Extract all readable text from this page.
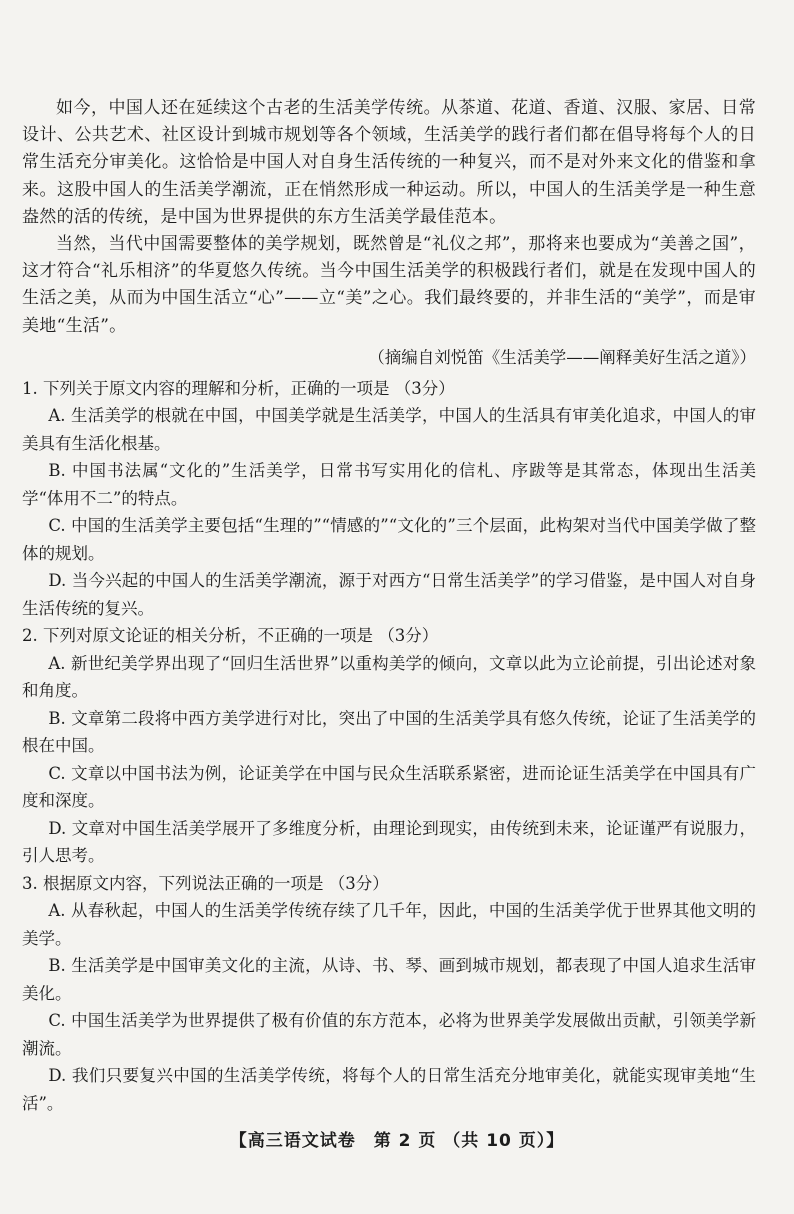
如今，中国人还在延续这个古老的生活美学传统。从茶道、花道、香道、汉服、家居、日常设计、公共艺术、社区设计到城市规划等各个领域，生活美学的践行者们都在倡导将每个人的日常生活充分审美化。这恰恰是中国人对自身生活传统的一种复兴，而不是对外来文化的借鉴和拿来。这股中国人的生活美学潮流，正在悄然形成一种运动。所以，中国人的生活美学是一种生意盎然的活的传统，是中国为世界提供的东方生活美学最佳范本。

当然，当代中国需要整体的美学规划，既然曾是“礼仪之邦”，那将来也要成为“美善之国”，这才符合“礼乐相济”的华夏悠久传统。当今中国生活美学的积极践行者们，就是在发现中国人的生活之美，从而为中国生活立“心”——立“美”之心。我们最终要的，并非生活的“美学”，而是审美地“生活”。

（摘编自刘悦笛《生活美学——阐释美好生活之道》）

1. 下列关于原文内容的理解和分析，正确的一项是 （3分）

A. 生活美学的根就在中国，中国美学就是生活美学，中国人的生活具有审美化追求，中国人的审美具有生活化根基。

B. 中国书法属“文化的”生活美学，日常书写实用化的信札、序跋等是其常态，体现出生活美学“体用不二”的特点。

C. 中国的生活美学主要包括“生理的”“情感的”“文化的”三个层面，此构架对当代中国美学做了整体的规划。

D. 当今兴起的中国人的生活美学潮流，源于对西方“日常生活美学”的学习借鉴，是中国人对自身生活传统的复兴。

2. 下列对原文论证的相关分析，不正确的一项是 （3分）

A. 新世纪美学界出现了“回归生活世界”以重构美学的倾向，文章以此为立论前提，引出论述对象和角度。

B. 文章第二段将中西方美学进行对比，突出了中国的生活美学具有悠久传统，论证了生活美学的根在中国。

C. 文章以中国书法为例，论证美学在中国与民众生活联系紧密，进而论证生活美学在中国具有广度和深度。

D. 文章对中国生活美学展开了多维度分析，由理论到现实，由传统到未来，论证谨严有说服力，引人思考。

3. 根据原文内容，下列说法正确的一项是 （3分）

A. 从春秋起，中国人的生活美学传统存续了几千年，因此，中国的生活美学优于世界其他文明的美学。

B. 生活美学是中国审美文化的主流，从诗、书、琴、画到城市规划，都表现了中国人追求生活审美化。

C. 中国生活美学为世界提供了极有价值的东方范本，必将为世界美学发展做出贡献，引领美学新潮流。

D. 我们只要复兴中国的生活美学传统，将每个人的日常生活充分地审美化，就能实现审美地“生活”。

【高三语文试卷　第 2 页 （共 10 页）】
